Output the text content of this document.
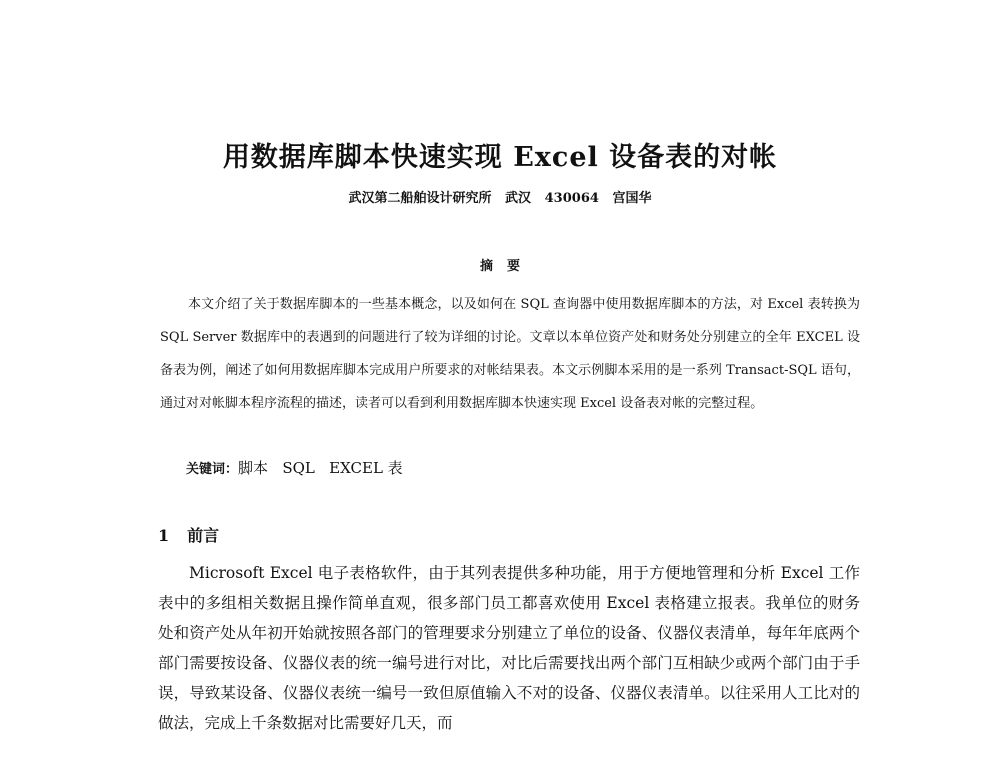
用数据库脚本快速实现 Excel 设备表的对帐
武汉第二船舶设计研究所   武汉   430064   宫国华
摘要

本文介绍了关于数据库脚本的一些基本概念，以及如何在 SQL 查询器中使用数据库脚本的方法，对 Excel 表转换为 SQL Server 数据库中的表遇到的问题进行了较为详细的讨论。文章以本单位资产处和财务处分别建立的全年 EXCEL 设备表为例，阐述了如何用数据库脚本完成用户所要求的对帐结果表。本文示例脚本采用的是一系列 Transact-SQL 语句，通过对对帐脚本程序流程的描述，读者可以看到利用数据库脚本快速实现 Excel 设备表对帐的完整过程。

关键词：脚本   SQL   EXCEL 表
1 前言

Microsoft Excel 电子表格软件，由于其列表提供多种功能，用于方便地管理和分析 Excel 工作表中的多组相关数据且操作简单直观，很多部门员工都喜欢使用 Excel 表格建立报表。我单位的财务处和资产处从年初开始就按照各部门的管理要求分别建立了单位的设备、仪器仪表清单，每年年底两个部门需要按设备、仪器仪表的统一编号进行对比，对比后需要找出两个部门互相缺少或两个部门由于手误，导致某设备、仪器仪表统一编号一致但原值输入不对的设备、仪器仪表清单。以往采用人工比对的做法，完成上千条数据对比需要好几天，而
